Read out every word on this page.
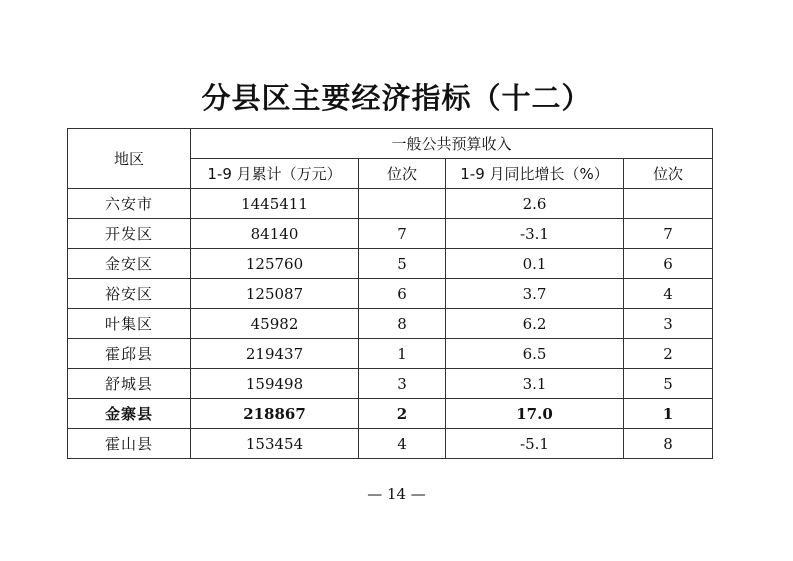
分县区主要经济指标（十二）
地区	一般公共预算收入			
	1-9 月累计（万元）	位次	1-9 月同比增长（%）	位次
六安市	1445411		2.6	
开发区	84140	7	-3.1	7
金安区	125760	5	0.1	6
裕安区	125087	6	3.7	4
叶集区	45982	8	6.2	3
霍邱县	219437	1	6.5	2
舒城县	159498	3	3.1	5
金寨县	218867	2	17.0	1
霍山县	153454	4	-5.1	8
— 14 —
